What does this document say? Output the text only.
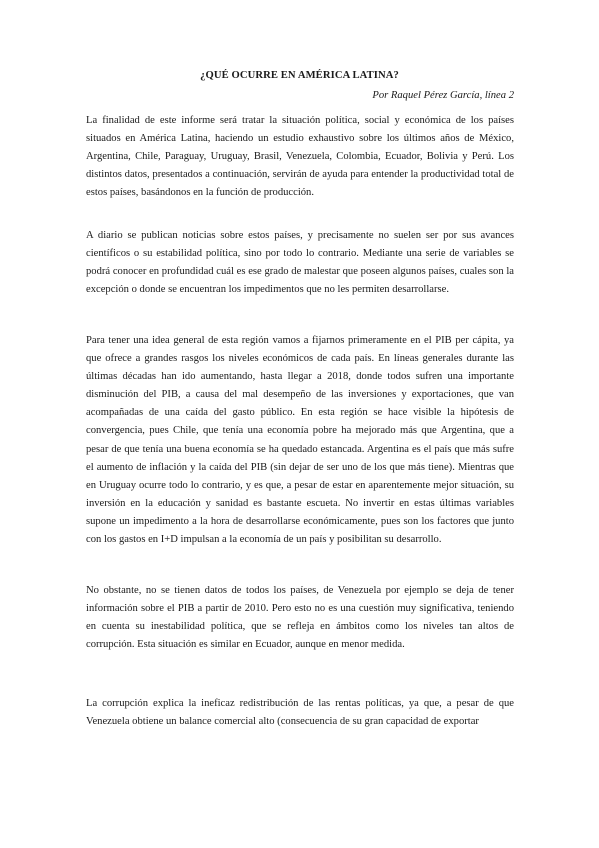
¿QUÉ OCURRE EN AMÉRICA LATINA?
Por Raquel Pérez García, línea 2

La finalidad de este informe será tratar la situación política, social y económica de los países situados en América Latina, haciendo un estudio exhaustivo sobre los últimos años de México, Argentina, Chile, Paraguay, Uruguay, Brasil, Venezuela, Colombia, Ecuador, Bolivia y Perú. Los distintos datos, presentados a continuación, servirán de ayuda para entender la productividad total de estos países, basándonos en la función de producción.

A diario se publican noticias sobre estos países, y precisamente no suelen ser por sus avances científicos o su estabilidad política, sino por todo lo contrario. Mediante una serie de variables se podrá conocer en profundidad cuál es ese grado de malestar que poseen algunos países, cuales son la excepción o donde se encuentran los impedimentos que no les permiten desarrollarse.

Para tener una idea general de esta región vamos a fijarnos primeramente en el PIB per cápita, ya que ofrece a grandes rasgos los niveles económicos de cada país. En líneas generales durante las últimas décadas han ido aumentando, hasta llegar a 2018, donde todos sufren una importante disminución del PIB, a causa del mal desempeño de las inversiones y exportaciones, que van acompañadas de una caída del gasto público. En esta región se hace visible la hipótesis de convergencia, pues Chile, que tenía una economía pobre ha mejorado más que Argentina, que a pesar de que tenía una buena economía se ha quedado estancada. Argentina es el país que más sufre el aumento de inflación y la caída del PIB (sin dejar de ser uno de los que más tiene). Mientras que en Uruguay ocurre todo lo contrario, y es que, a pesar de estar en aparentemente mejor situación, su inversión en la educación y sanidad es bastante escueta. No invertir en estas últimas variables supone un impedimento a la hora de desarrollarse económicamente, pues son los factores que junto con los gastos en I+D impulsan a la economía de un país y posibilitan su desarrollo.

No obstante, no se tienen datos de todos los países, de Venezuela por ejemplo se deja de tener información sobre el PIB a partir de 2010. Pero esto no es una cuestión muy significativa, teniendo en cuenta su inestabilidad política, que se refleja en ámbitos como los niveles tan altos de corrupción. Esta situación es similar en Ecuador, aunque en menor medida.

La corrupción explica la ineficaz redistribución de las rentas políticas, ya que, a pesar de que Venezuela obtiene un balance comercial alto (consecuencia de su gran capacidad de exportar
